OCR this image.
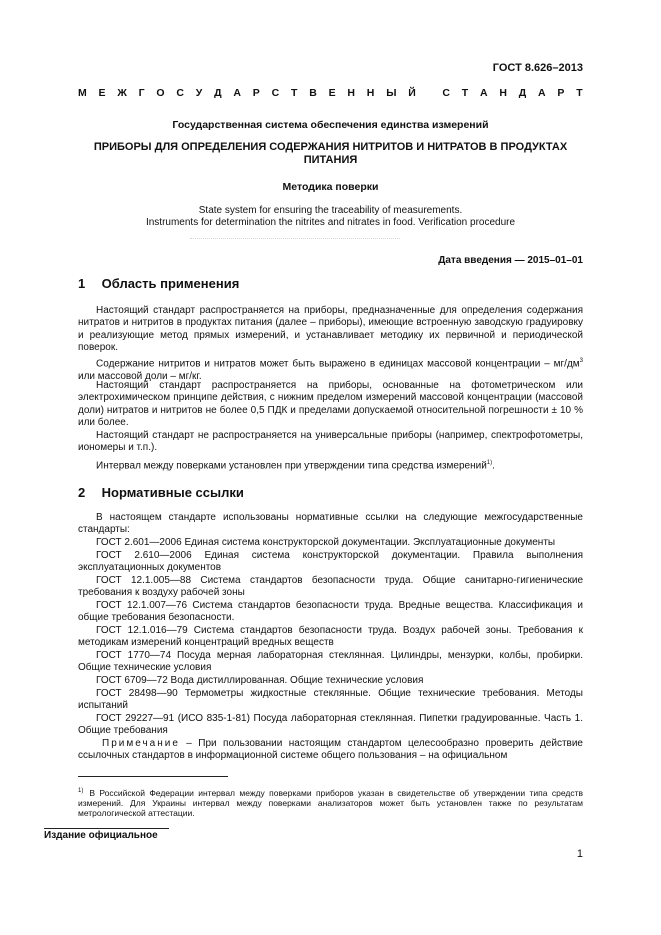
ГОСТ 8.626–2013
М Е Ж Г О С У Д А Р С Т В Е Н Н Ы Й
	С Т А Н Д А Р Т
Государственная система обеспечения единства измерений
ПРИБОРЫ ДЛЯ ОПРЕДЕЛЕНИЯ СОДЕРЖАНИЯ НИТРИТОВ И НИТРАТОВ В ПРОДУКТАХ ПИТАНИЯ
Методика поверки
State system for ensuring the traceability of measurements.
Instruments for determination the nitrites and nitrates in food. Verification procedure
Дата введения — 2015–01–01
1 Область применения
Настоящий стандарт распространяется на приборы, предназначенные для определения содержания нитратов и нитритов в продуктах питания (далее – приборы), имеющие встроенную заводскую градуировку и реализующие метод прямых измерений, и устанавливает методику их первичной и периодической поверок.
Содержание нитритов и нитратов может быть выражено в единицах массовой концентрации – $мг/дм^3$ или массовой доли – мг/кг.
Настоящий стандарт распространяется на приборы, основанные на фотометрическом или электрохимическом принципе действия, с нижним пределом измерений массовой концентрации (массовой доли) нитратов и нитритов не более 0,5 ПДК и пределами допускаемой относительной погрешности ± 10 % или более.
Настоящий стандарт не распространяется на универсальные приборы (например, спектрофотометры, иономеры и т.п.).
Интервал между поверками установлен при утверждении типа средства измерений$^{1)}$.
2 Нормативные ссылки
В настоящем стандарте использованы нормативные ссылки на следующие межгосударственные стандарты:
ГОСТ 2.601—2006 Единая система конструкторской документации. Эксплуатационные документы
ГОСТ 2.610—2006 Единая система конструкторской документации. Правила выполнения эксплуатационных документов
ГОСТ 12.1.005—88 Система стандартов безопасности труда. Общие санитарно-гигиенические требования к воздуху рабочей зоны
ГОСТ 12.1.007—76 Система стандартов безопасности труда. Вредные вещества. Классификация и общие требования безопасности.
ГОСТ 12.1.016—79 Система стандартов безопасности труда. Воздух рабочей зоны. Требования к методикам измерений концентраций вредных веществ
ГОСТ 1770—74 Посуда мерная лабораторная стеклянная. Цилиндры, мензурки, колбы, пробирки. Общие технические условия
ГОСТ 6709—72 Вода дистиллированная. Общие технические условия
ГОСТ 28498—90 Термометры жидкостные стеклянные. Общие технические требования. Методы испытаний
ГОСТ 29227—91 (ИСО 835-1-81) Посуда лабораторная стеклянная. Пипетки градуированные. Часть 1. Общие требования
Примечание – При пользовании настоящим стандартом целесообразно проверить действие ссылочных стандартов в информационной системе общего пользования – на официальном
$^{1)}$ В Российской Федерации интервал между поверками приборов указан в свидетельстве об утверждении типа средств измерений. Для Украины интервал между поверками анализаторов может быть установлен также по результатам метрологической аттестации.
Издание официальное
1
